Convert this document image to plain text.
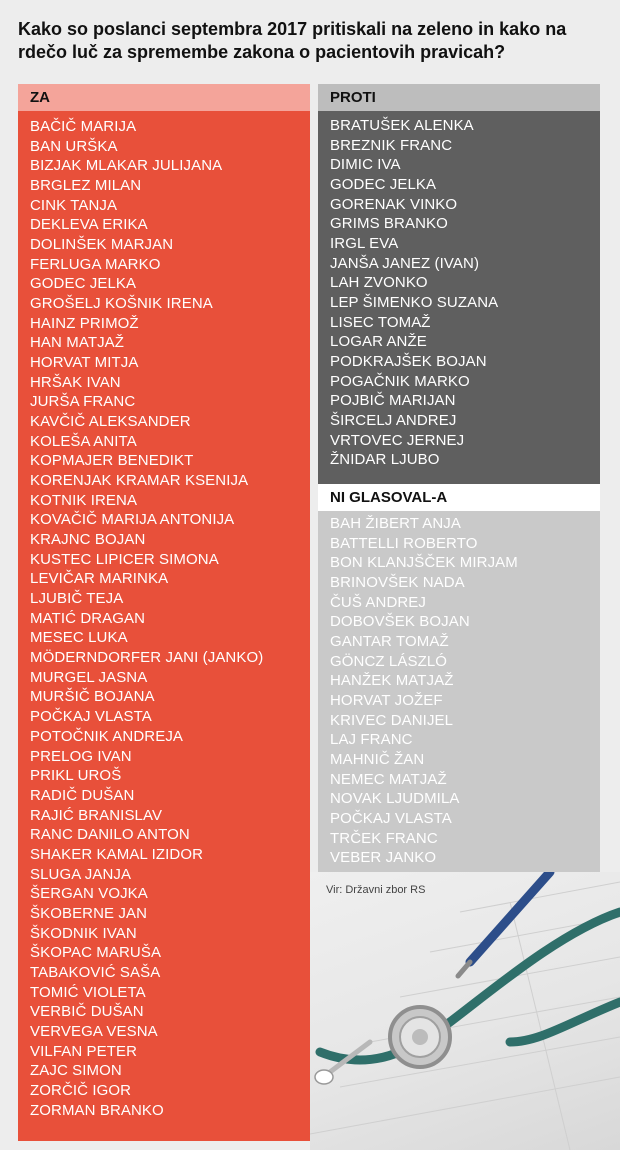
Kako so poslanci septembra 2017 pritiskali na zeleno in kako na rdečo luč za spremembe zakona o pacientovih pravicah?
ZA	PROTI
BAČIČ MARIJA
BAN URŠKA
BIZJAK MLAKAR JULIJANA
BRGLEZ MILAN
CINK TANJA
DEKLEVA ERIKA
DOLINŠEK MARJAN
FERLUGA MARKO
GODEC JELKA
GROŠELJ KOŠNIK IRENA
HAINZ PRIMOŽ
HAN MATJAŽ
HORVAT MITJA
HRŠAK IVAN
JURŠA FRANC
KAVČIČ ALEKSANDER
KOLEŠA ANITA
KOPMAJER BENEDIKT
KORENJAK KRAMAR KSENIJA
KOTNIK IRENA
KOVAČIČ MARIJA ANTONIJA
KRAJNC BOJAN
KUSTEC LIPICER SIMONA
LEVIČAR MARINKA
LJUBIČ TEJA
MATIĆ DRAGAN
MESEC LUKA
MÖDERNDORFER JANI (JANKO)
MURGEL JASNA
MURŠIČ BOJANA
POČKAJ VLASTA
POTOČNIK ANDREJA
PRELOG IVAN
PRIKL UROŠ
RADIČ DUŠAN
RAJIĆ BRANISLAV
RANC DANILO ANTON
SHAKER KAMAL IZIDOR
SLUGA JANJA
ŠERGAN VOJKA
ŠKOBERNE JAN
ŠKODNIK IVAN
ŠKOPAC MARUŠA
TABAKOVIĆ SAŠA
TOMIĆ VIOLETA
VERBIČ DUŠAN
VERVEGA VESNA
VILFAN PETER
ZAJC SIMON
ZORČIČ IGOR
ZORMAN BRANKO
BRATUŠEK ALENKA
BREZNIK FRANC
DIMIC IVA
GODEC JELKA
GORENAK VINKO
GRIMS BRANKO
IRGL EVA
JANŠA JANEZ (IVAN)
LAH ZVONKO
LEP ŠIMENKO SUZANA
LISEC TOMAŽ
LOGAR ANŽE
PODKRAJŠEK BOJAN
POGAČNIK MARKO
POJBIČ MARIJAN
ŠIRCELJ ANDREJ
VRTOVEC JERNEJ
ŽNIDAR LJUBO
NI GLASOVAL-A
BAH ŽIBERT ANJA
BATTELLI ROBERTO
BON KLANJŠČEK MIRJAM
BRINOVŠEK NADA
ČUŠ ANDREJ
DOBOVŠEK BOJAN
GANTAR TOMAŽ
GÖNCZ LÁSZLÓ
HANŽEK MATJAŽ
HORVAT JOŽEF
KRIVEC DANIJEL
LAJ FRANC
MAHNIČ ŽAN
NEMEC MATJAŽ
NOVAK LJUDMILA
POČKAJ VLASTA
TRČEK FRANC
VEBER JANKO
Vir: Državni zbor RS
